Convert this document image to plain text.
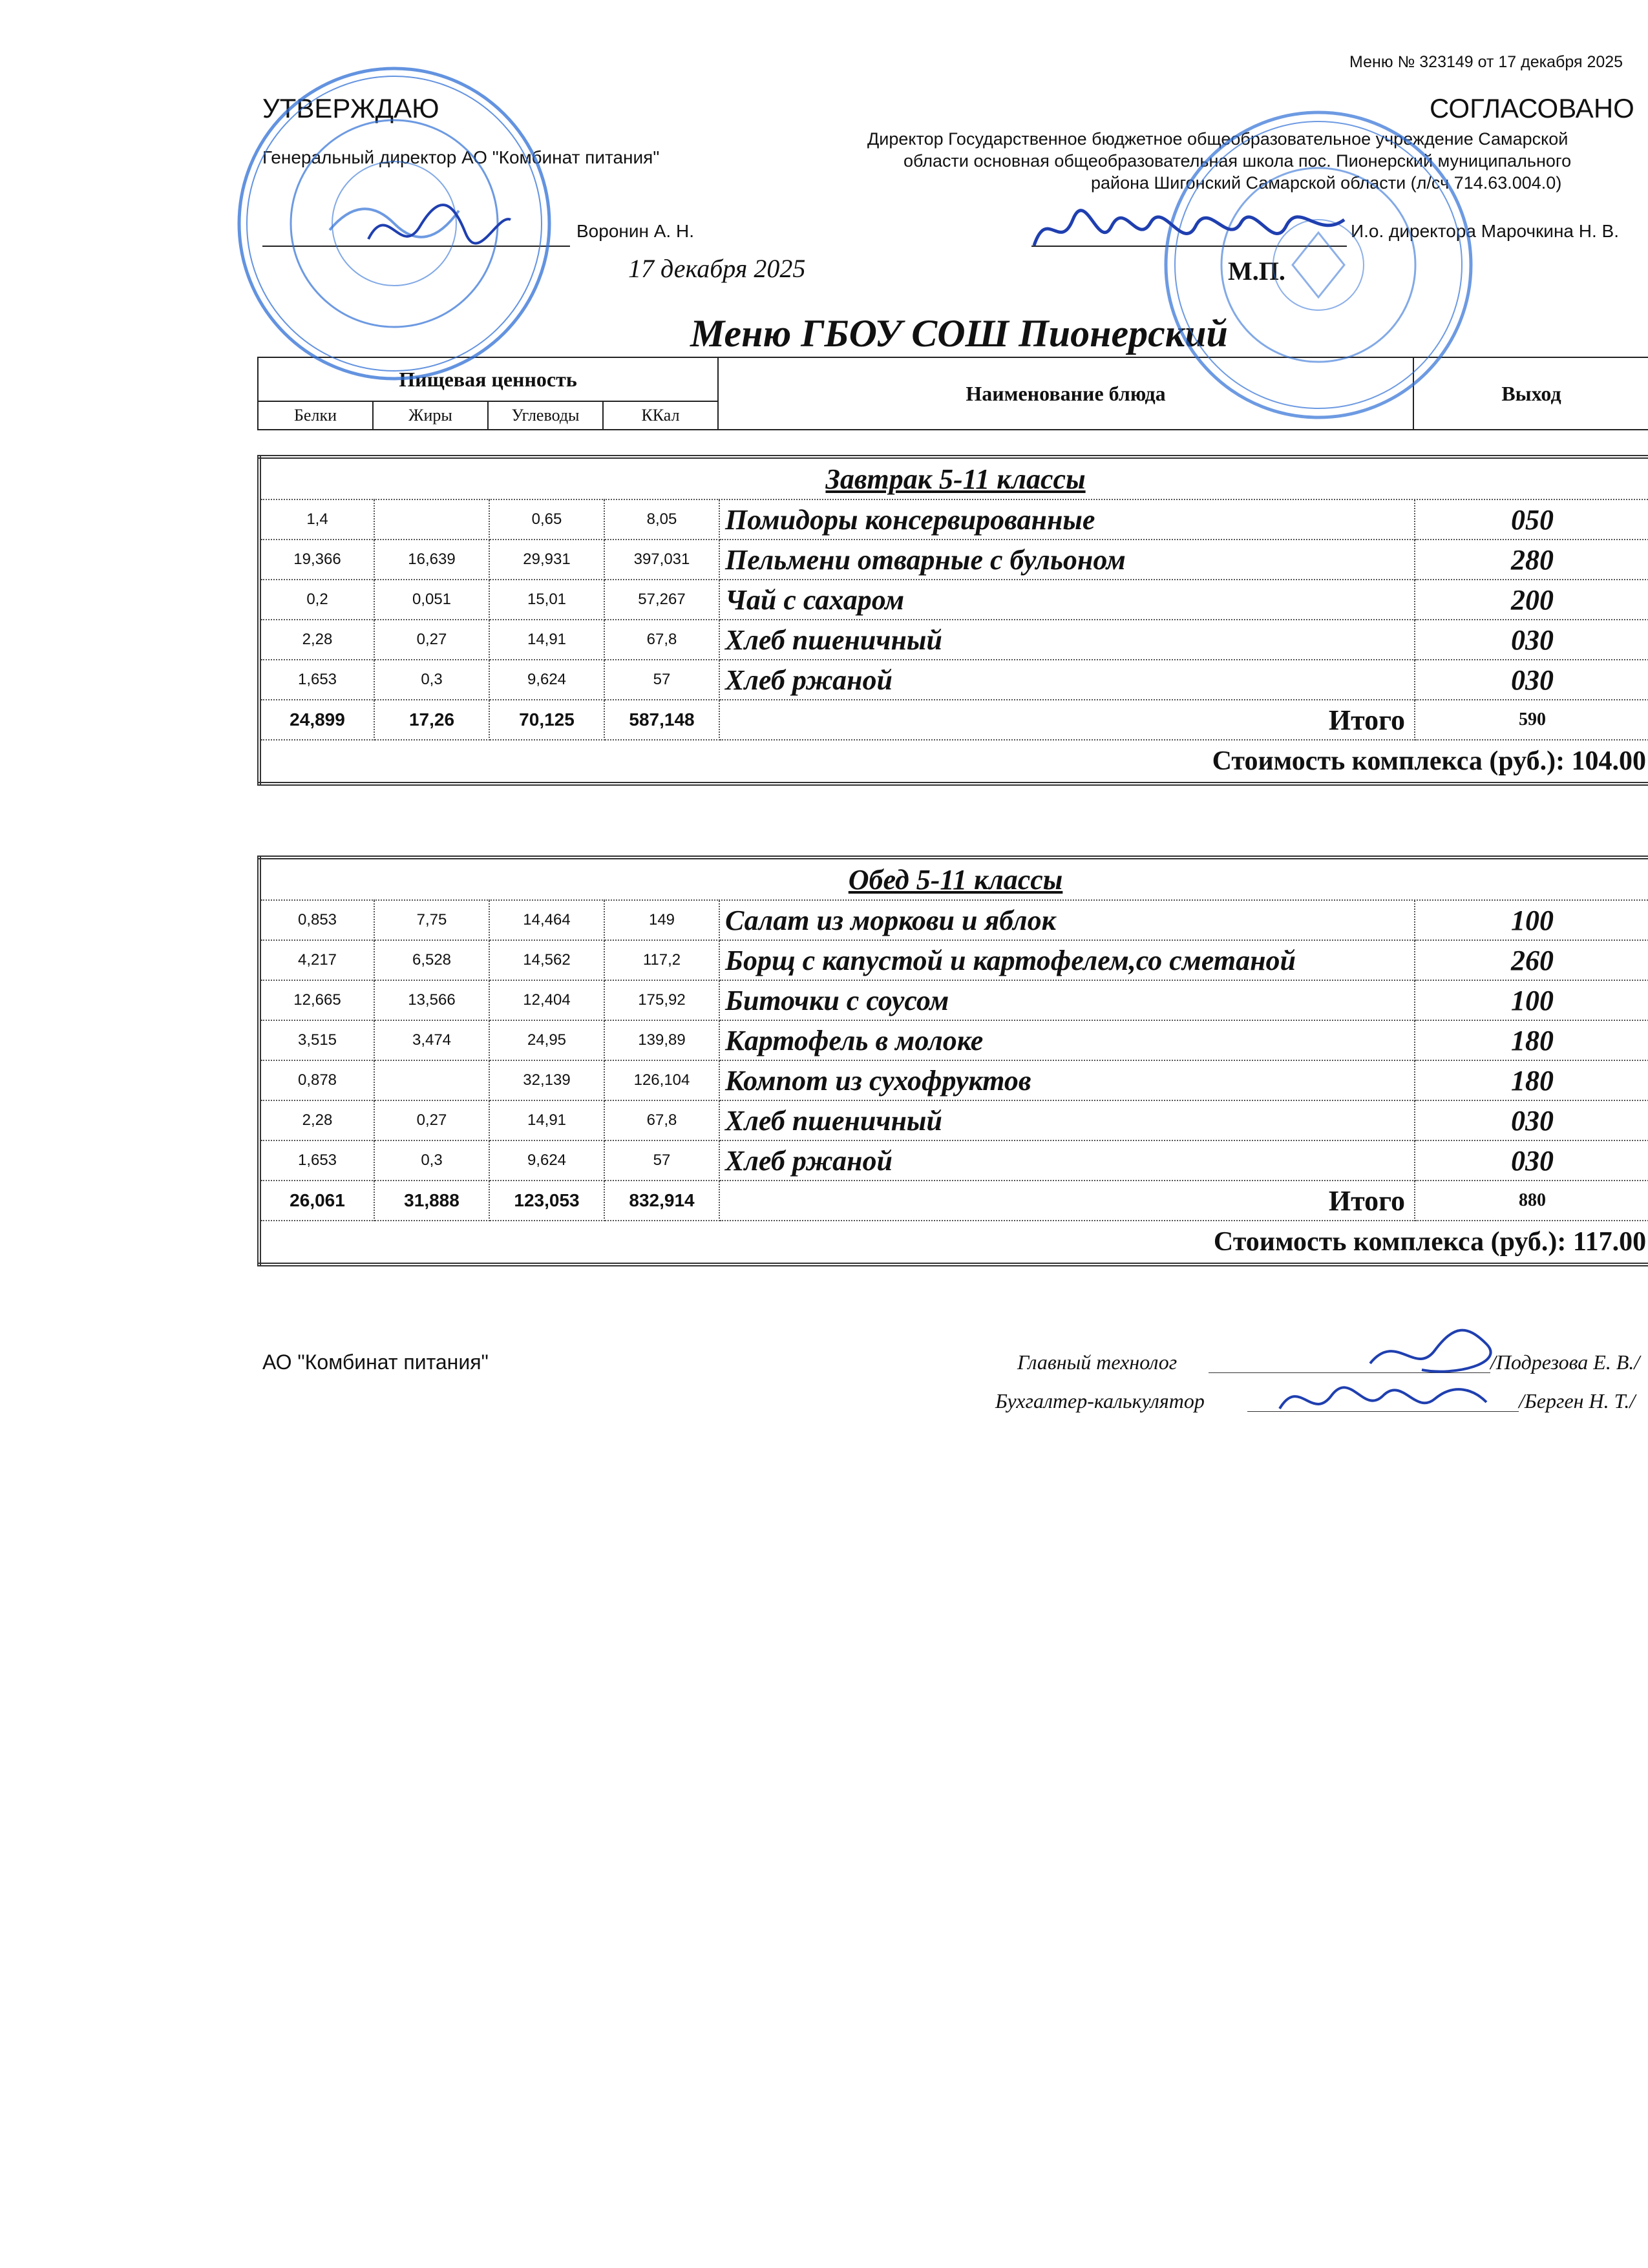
Меню № 323149 от 17 декабря 2025
УТВЕРЖДАЮ
Генеральный директор АО "Комбинат питания"
Воронин А. Н.
17 декабря 2025
СОГЛАСОВАНО
Директор Государственное бюджетное общеобразовательное учреждение Самарской
области основная общеобразовательная школа пос. Пионерский муниципального
района Шигонский Самарской области (л/сч 714.63.004.0)
И.о. директора Марочкина Н. В.
М.П.
Меню ГБОУ СОШ Пионерский
Пищевая ценность				Наименование блюда	Выход
Белки	Жиры	Углеводы	ККал		
Завтрак 5-11 классы					
1,4		0,65	8,05	Помидоры консервированные	050
19,366	16,639	29,931	397,031	Пельмени отварные с бульоном	280
0,2	0,051	15,01	57,267	Чай с сахаром	200
2,28	0,27	14,91	67,8	Хлеб пшеничный	030
1,653	0,3	9,624	57	Хлеб ржаной	030
24,899	17,26	70,125	587,148	Итого	590
Стоимость комплекса (руб.): 104.00					
Обед 5-11 классы					
0,853	7,75	14,464	149	Салат из моркови и яблок	100
4,217	6,528	14,562	117,2	Борщ с капустой и картофелем,со сметаной	260
12,665	13,566	12,404	175,92	Биточки с соусом	100
3,515	3,474	24,95	139,89	Картофель в молоке	180
0,878		32,139	126,104	Компот из сухофруктов	180
2,28	0,27	14,91	67,8	Хлеб пшеничный	030
1,653	0,3	9,624	57	Хлеб ржаной	030
26,061	31,888	123,053	832,914	Итого	880
Стоимость комплекса (руб.): 117.00					
АО "Комбинат питания"	Главный технолог	/Подрезова Е. В./
Бухгалтер-калькулятор	/Берген Н. Т./
